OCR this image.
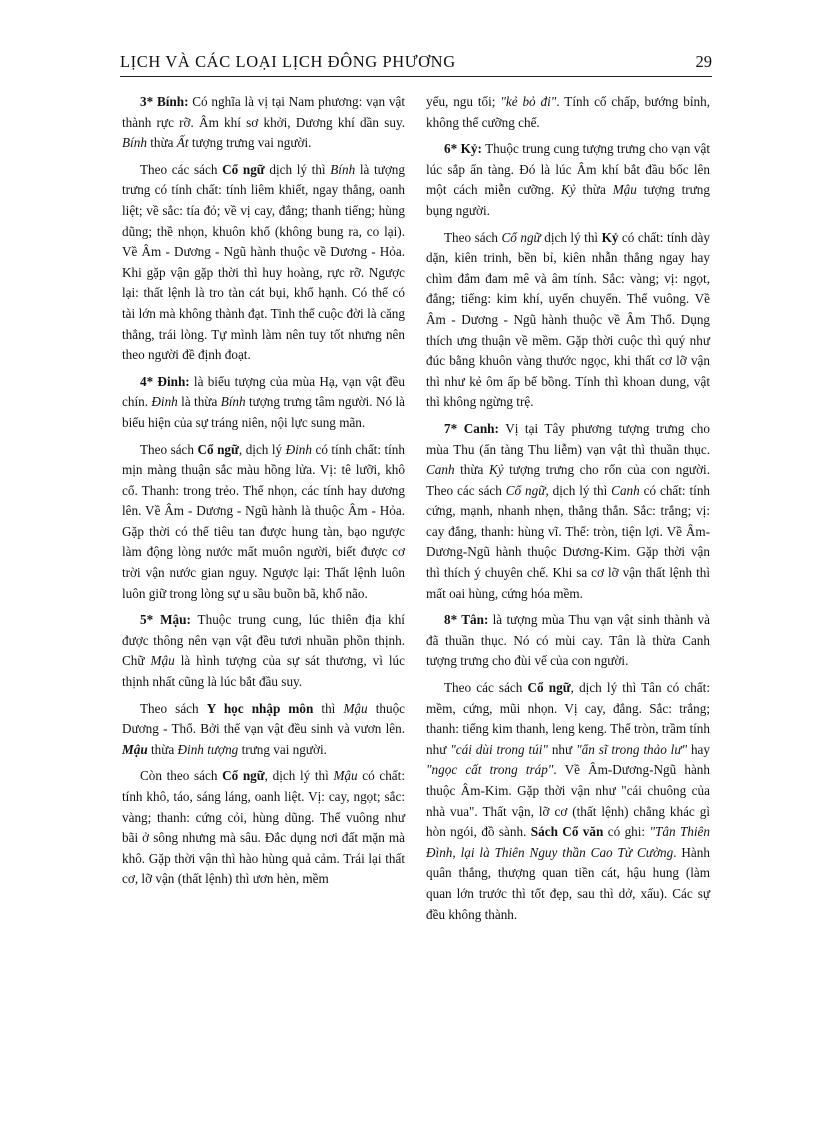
LỊCH VÀ CÁC LOẠI LỊCH ĐÔNG PHƯƠNG	29

3* Bính: Có nghĩa là vị tại Nam phương: vạn vật thành rực rỡ. Âm khí sơ khởi, Dương khí dần suy. Bính thừa Ất tượng trưng vai người.

Theo các sách Cổ ngữ dịch lý thì Bính là tượng trưng có tính chất: tính liêm khiết, ngay thẳng, oanh liệt; về sắc: tía đỏ; về vị cay, đắng; thanh tiếng; hùng dũng; thề nhọn, khuôn khổ (không bung ra, co lại). Về Âm - Dương - Ngũ hành thuộc về Dương - Hỏa. Khi gặp vận gặp thời thì huy hoàng, rực rỡ. Ngược lại: thất lệnh là tro tàn cát bụi, khổ hạnh. Có thể có tài lớn mà không thành đạt. Tinh thế cuộc đời là căng thẳng, trái lòng. Tự mình làm nên tuy tốt nhưng nên theo người đề định đoạt.

4* Đinh: là biểu tượng của mùa Hạ, vạn vật đều chín. Đinh là thừa Bính tượng trưng tâm người. Nó là biểu hiện của sự tráng niên, nội lực sung mãn.

Theo sách Cổ ngữ, dịch lý Đinh có tính chất: tính mịn màng thuận sắc màu hồng lửa. Vị: tê lưỡi, khô cổ. Thanh: trong trẻo. Thể nhọn, các tính hay dương lên. Về Âm - Dương - Ngũ hành là thuộc Âm - Hỏa. Gặp thời có thể tiêu tan được hung tàn, bạo ngược làm động lòng nước mất muôn người, biết được cơ trời vận nước gian nguy. Ngược lại: Thất lệnh luôn luôn giữ trong lòng sự u sầu buồn bã, khổ não.

5* Mậu: Thuộc trung cung, lúc thiên địa khí được thông nên vạn vật đều tươi nhuần phồn thịnh. Chữ Mậu là hình tượng của sự sát thương, vì lúc thịnh nhất cũng là lúc bắt đầu suy.

Theo sách Y học nhập môn thì Mậu thuộc Dương - Thổ. Bởi thế vạn vật đều sinh và vươn lên. Mậu thừa Đinh tượng trưng vai người.

Còn theo sách Cổ ngữ, dịch lý thì Mậu có chất: tính khô, táo, sáng láng, oanh liệt. Vị: cay, ngọt; sắc: vàng; thanh: cứng cỏi, hùng dũng. Thể vuông như bãi ở sông nhưng mà sâu. Đắc dụng nơi đất mặn mà khô. Gặp thời vận thì hào hùng quả cảm. Trái lại thất cơ, lỡ vận (thất lệnh) thì ươn hèn, mềm

yếu, ngu tối; "kẻ bỏ đi". Tính cố chấp, bướng bỉnh, không thể cưỡng chế.

6* Kỷ: Thuộc trung cung tượng trưng cho vạn vật lúc sắp ẩn tàng. Đó là lúc Âm khí bắt đầu bốc lên một cách miễn cưỡng. Kỷ thừa Mậu tượng trưng bụng người.

Theo sách Cổ ngữ dịch lý thì Kỷ có chất: tính dày dặn, kiên trinh, bền bỉ, kiên nhẫn thẳng ngay hay chìm đắm đam mê và âm tính. Sắc: vàng; vị: ngọt, đắng; tiếng: kim khí, uyển chuyển. Thể vuông. Về Âm - Dương - Ngũ hành thuộc về Âm Thổ. Dụng thích ưng thuận về mềm. Gặp thời cuộc thì quý như đúc bằng khuôn vàng thước ngọc, khi thất cơ lỡ vận thì như kẻ ôm ấp bế bồng. Tính thì khoan dung, vật thì không ngừng trệ.

7* Canh: Vị tại Tây phương tượng trưng cho mùa Thu (ẩn tàng Thu liễm) vạn vật thì thuần thục. Canh thừa Kỷ tượng trưng cho rốn của con người. Theo các sách Cổ ngữ, dịch lý thì Canh có chất: tính cứng, mạnh, nhanh nhẹn, thẳng thắn. Sắc: trắng; vị: cay đắng, thanh: hùng vĩ. Thể: tròn, tiện lợi. Về Âm-Dương-Ngũ hành thuộc Dương-Kim. Gặp thời vận thì thích ý chuyên chế. Khi sa cơ lỡ vận thất lệnh thì mất oai hùng, cứng hóa mềm.

8* Tân: là tượng mùa Thu vạn vật sinh thành và đã thuần thục. Nó có mùi cay. Tân là thừa Canh tượng trưng cho đùi vế của con người.

Theo các sách Cổ ngữ, dịch lý thì Tân có chất: mềm, cứng, mũi nhọn. Vị cay, đắng. Sắc: trắng; thanh: tiếng kim thanh, leng keng. Thể tròn, trầm tính như "cái dùi trong túi" như "ẩn sĩ trong thảo lư" hay "ngọc cất trong tráp". Về Âm-Dương-Ngũ hành thuộc Âm-Kim. Gặp thời vận như "cái chuông của nhà vua". Thất vận, lỡ cơ (thất lệnh) chẳng khác gì hòn ngói, đồ sành. Sách Cổ văn có ghi: "Tân Thiên Đình, lại là Thiên Nguy thần Cao Tử Cường. Hành quân thắng, thượng quan tiền cát, hậu hung (làm quan lớn trước thì tốt đẹp, sau thì dở, xấu). Các sự đều không thành.
